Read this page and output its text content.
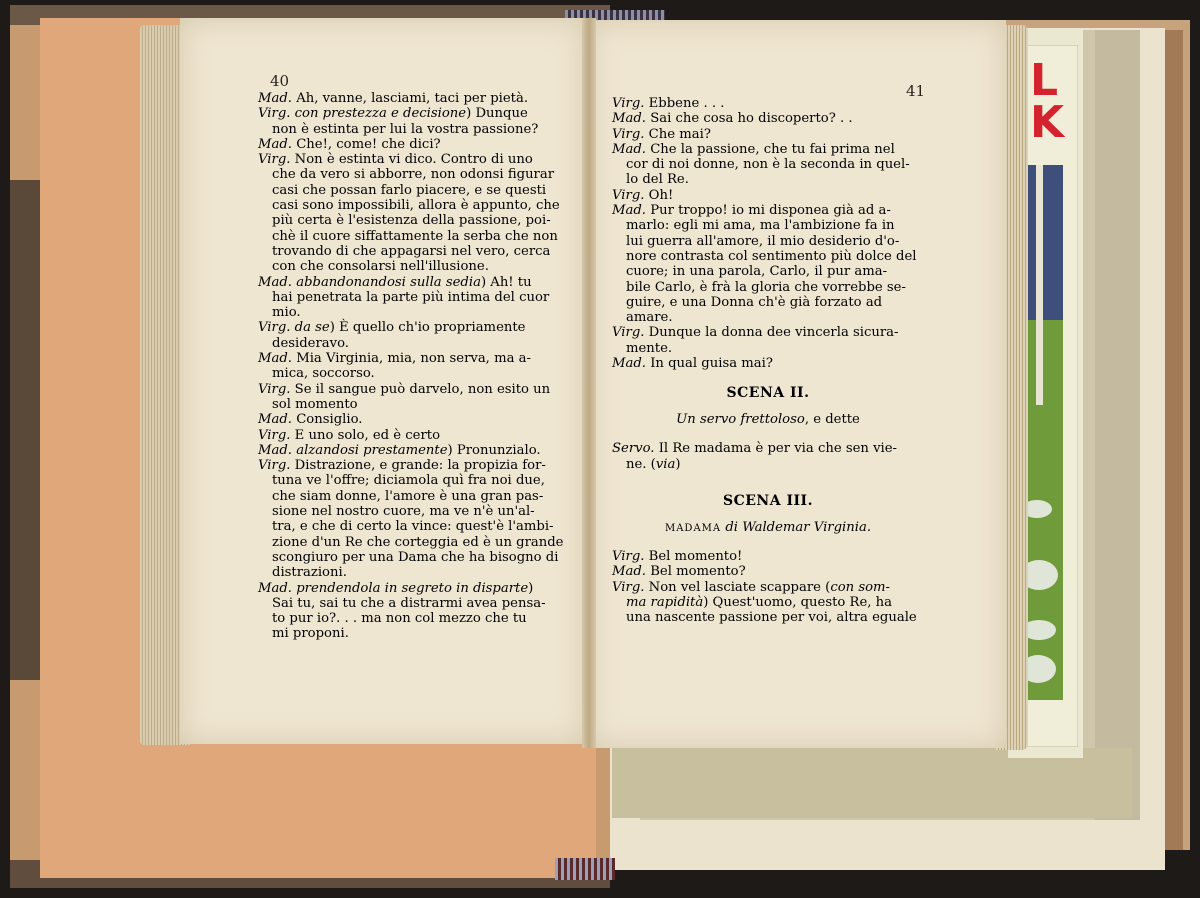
L
K
40
41
Mad. Ah, vanne, lasciami, taci per pietà.
Virg. con prestezza e decisione) Dunque
non è estinta per lui la vostra passione?
Mad. Che!, come! che dici?
Virg. Non è estinta vi dico. Contro di uno
che da vero si abborre, non odonsi figurar
casi che possan farlo piacere, e se questi
casi sono impossibili, allora è appunto, che
più certa è l'esistenza della passione, poi-
chè il cuore siffattamente la serba che non
trovando di che appagarsi nel vero, cerca
con che consolarsi nell'illusione.
Mad. abbandonandosi sulla sedia) Ah! tu
hai penetrata la parte più intima del cuor
mio.
Virg. da se) È quello ch'io propriamente
desideravo.
Mad. Mia Virginia, mia, non serva, ma a-
mica, soccorso.
Virg. Se il sangue può darvelo, non esito un
sol momento
Mad. Consiglio.
Virg. E uno solo, ed è certo
Mad. alzandosi prestamente) Pronunzialo.
Virg. Distrazione, e grande: la propizia for-
tuna ve l'offre; diciamola quì fra noi due,
che siam donne, l'amore è una gran pas-
sione nel nostro cuore, ma ve n'è un'al-
tra, e che di certo la vince: quest'è l'ambi-
zione d'un Re che corteggia ed è un grande
scongiuro per una Dama che ha bisogno di
distrazioni.
Mad. prendendola in segreto in disparte)
Sai tu, sai tu che a distrarmi avea pensa-
to pur io?. . . ma non col mezzo che tu
mi proponi.
Virg. Ebbene . . .
Mad. Sai che cosa ho discoperto? . .
Virg. Che mai?
Mad. Che la passione, che tu fai prima nel
cor di noi donne, non è la seconda in quel-
lo del Re.
Virg. Oh!
Mad. Pur troppo! io mi disponea già ad a-
marlo: egli mi ama, ma l'ambizione fa in
lui guerra all'amore, il mio desiderio d'o-
nore contrasta col sentimento più dolce del
cuore; in una parola, Carlo, il pur ama-
bile Carlo, è frà la gloria che vorrebbe se-
guire, e una Donna ch'è già forzato ad
amare.
Virg. Dunque la donna dee vincerla sicura-
mente.
Mad. In qual guisa mai?
SCENA II.
Un servo frettoloso, e dette
Servo. Il Re madama è per via che sen vie-
ne. (via)
SCENA III.
MADAMA di Waldemar Virginia.
Virg. Bel momento!
Mad. Bel momento?
Virg. Non vel lasciate scappare (con som-
ma rapidità) Quest'uomo, questo Re, ha
una nascente passione per voi, altra eguale
